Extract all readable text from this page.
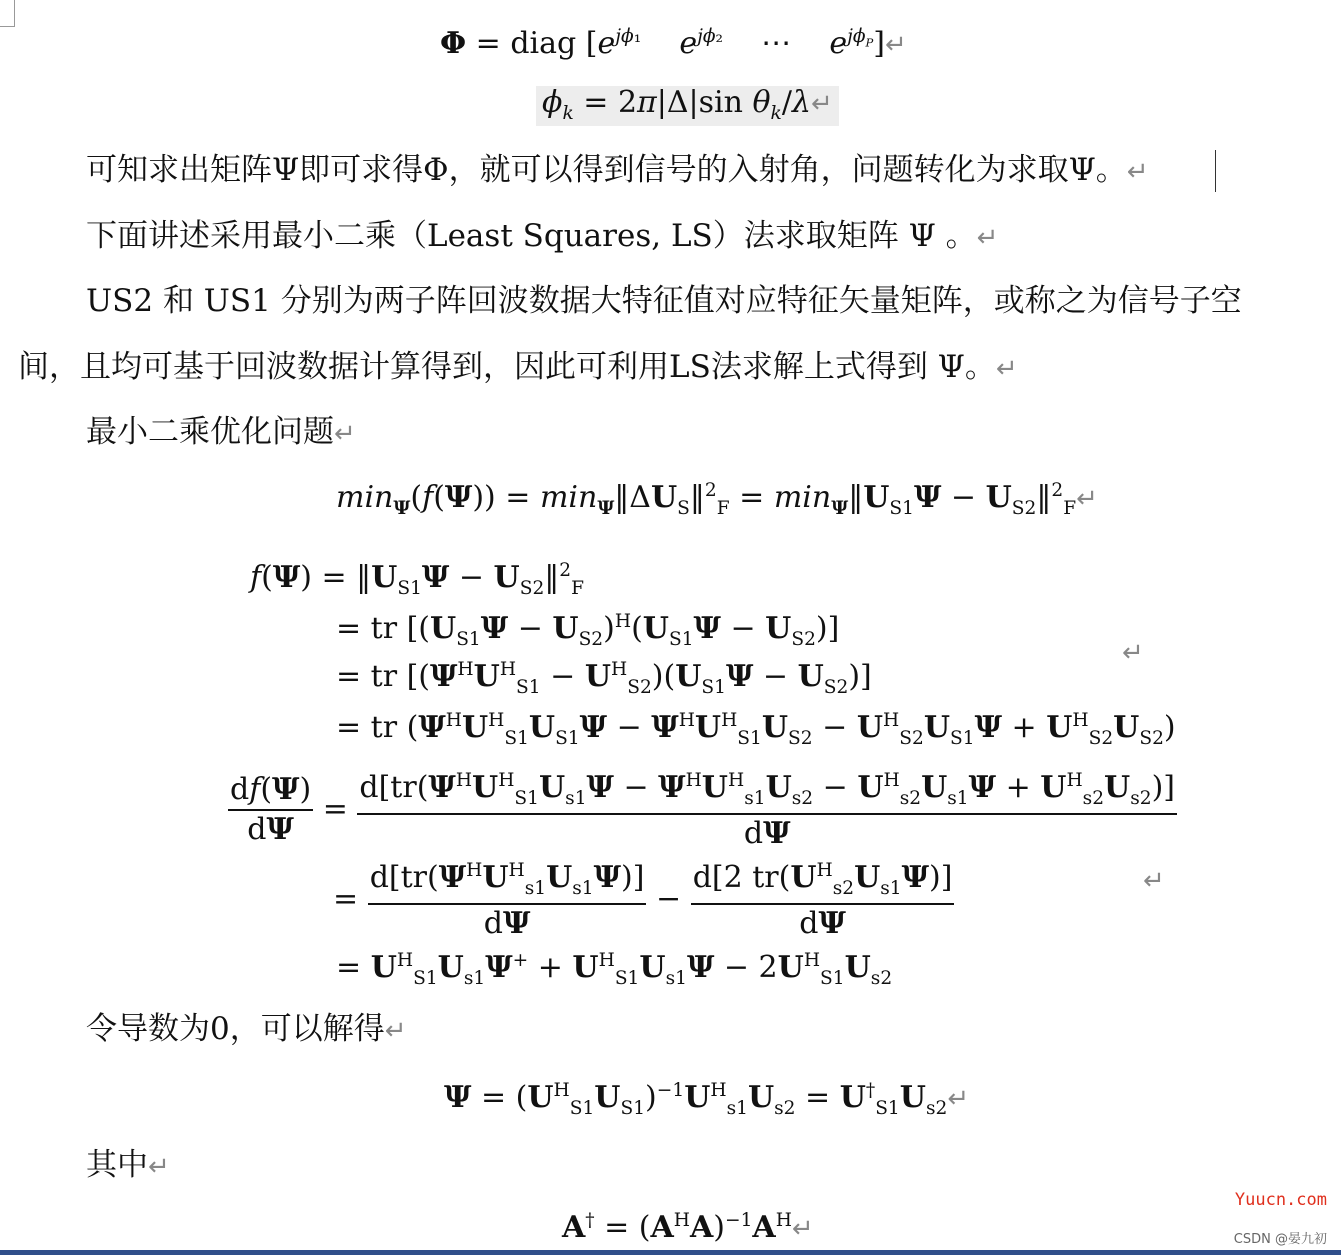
Φ = diag [$e^{j\phi_1}$ $e^{j\phi_2}$    ⋯    $e^{j\phi_P}]↵$
$\phi_k = 2\pi|\Delta|\sin$ $\theta_k/\lambda↵$
可知求出矩阵Ψ即可求得Φ，就可以得到信号的入射角，问题转化为求取Ψ。↵
下面讲述采用最小二乘（Least Squares, LS）法求取矩阵 Ψ 。↵
US2 和 US1 分别为两子阵回波数据大特征值对应特征矢量矩阵，或称之为信号子空
间，且均可基于回波数据计算得到，因此可利用LS法求解上式得到 Ψ。↵
最小二乘优化问题↵
$\min_\Psi(f(\Psi))$ = $\min_\Psi‖\Delta U_S‖^2_F$ = $\min_\Psi‖U_{S1}\Psi$ − $U_{S2}‖^2_F↵$
$f(\Psi) = ‖U_{S1}\Psi$ − $U_{S2}‖^2_F$
= tr $[(U_{S1}\Psi - U_{S2})^H(U_{S1}\Psi - U_{S2})]$
= tr $[(\Psi^HU^H_{S1} - U^H_{S2})(U_{S1}\Psi - U_{S2})]$
↵
= tr $(\Psi^HU^H_{S1}U_{S1}\Psi - \Psi^HU^H_{S1}U_{S2} - U^H_{S2}U_{S1}\Psi + U^H_{S2}U_{S2})$
$\frac{df(\Psi)}{d\Psi} = \frac{d[tr(\Psi^HU^H_{S1}U_{s1}\Psi - \Psi^HU^H_{s1}U_{s2} - U^H_{s2}U_{s1}\Psi + U^H_{s2}U_{s2})]}{d\Psi}$
= $\frac{d[tr(\Psi^HU^H_{s1}U_{s1}\Psi)]}{d\Psi} - \frac{d[2 tr(U^H_{s2}U_{s1}\Psi)]}{d\Psi}$	↵
= $U^H_{S1}U_{s1}\Psi^+ + U^H_{S1}U_{s1}\Psi - 2U^H_{S1}U_{s2}$
令导数为0，可以解得↵
$\Psi = (U^H_{S1}U_{S1})^{-1}U^H_{s1}U_{s2}$ = $U^\dagger_{S1}U_{s2}↵$
其中↵
$A^\dagger = (A^HA)^{-1}A^H↵$
Yuucn.com
CSDN @晏九初
